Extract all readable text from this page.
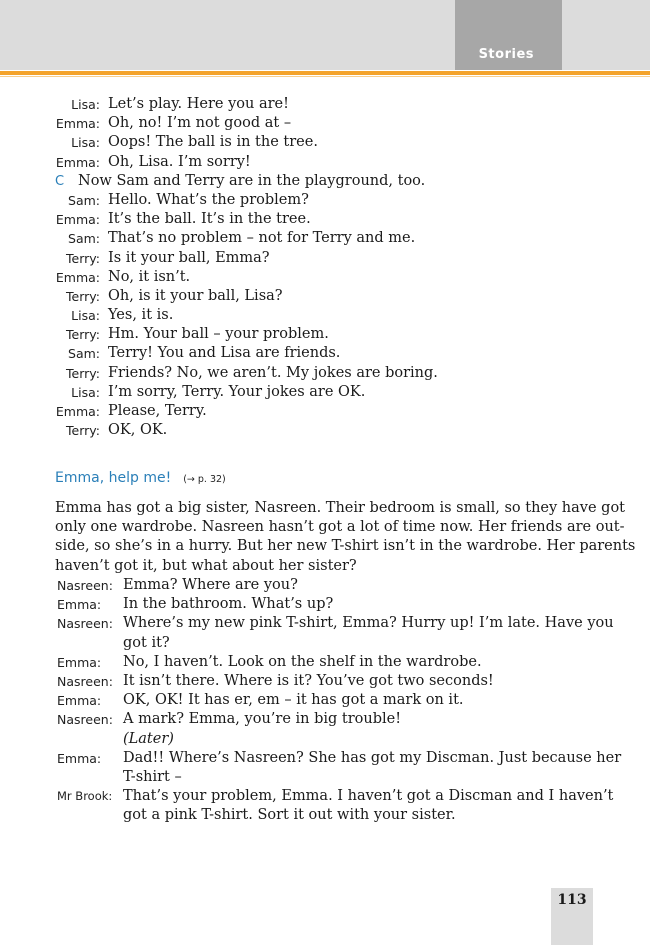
Stories
Lisa: Let’s play. Here you are!
Emma: Oh, no! I’m not good at –
Lisa: Oops! The ball is in the tree.
Emma: Oh, Lisa. I’m sorry!
C Now Sam and Terry are in the playground, too.
Sam: Hello. What’s the problem?
Emma: It’s the ball. It’s in the tree.
Sam: That’s no problem – not for Terry and me.
Terry: Is it your ball, Emma?
Emma: No, it isn’t.
Terry: Oh, is it your ball, Lisa?
Lisa: Yes, it is.
Terry: Hm. Your ball – your problem.
Sam: Terry! You and Lisa are friends.
Terry: Friends? No, we aren’t. My jokes are boring.
Lisa: I’m sorry, Terry. Your jokes are OK.
Emma: Please, Terry.
Terry: OK, OK.
Emma, help me! (→ p. 32)
Emma has got a big sister, Nasreen. Their bedroom is small, so they have got
only one wardrobe. Nasreen hasn’t got a lot of time now. Her friends are out-
side, so she’s in a hurry. But her new T-shirt isn’t in the wardrobe. Her parents
haven’t got it, but what about her sister?
Nasreen: Emma? Where are you?
Emma:	In the bathroom. What’s up?
Nasreen: Where’s my new pink T-shirt, Emma? Hurry up! I’m late. Have you
got it?
Emma:	No, I haven’t. Look on the shelf in the wardrobe.
Nasreen: It isn’t there. Where is it? You’ve got two seconds!
Emma:	OK, OK! It has er, em – it has got a mark on it.
Nasreen: A mark? Emma, you’re in big trouble!
(Later)
Emma:	Dad!! Where’s Nasreen? She has got my Discman. Just because her
T-shirt –
Mr Brook: That’s your problem, Emma. I haven’t got a Discman and I haven’t
got a pink T-shirt. Sort it out with your sister.
113
